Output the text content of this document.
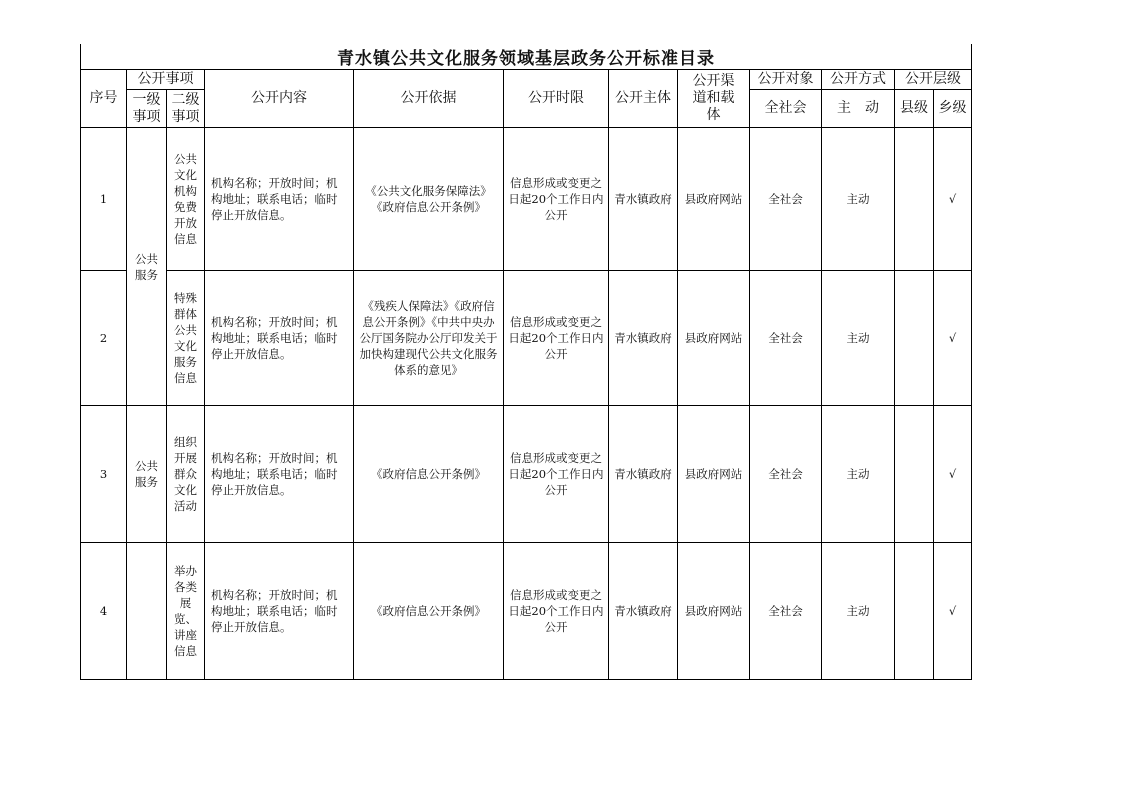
青水镇公共文化服务领域基层政务公开标准目录											
序号	公开事项		公开内容	公开依据	公开时限	公开主体	公开渠道和载体	公开对象	公开方式	公开层级	
	一级事项	二级事项						全社会	主　动	县级	乡级
1	公共服务	公共文化机构免费开放信息	机构名称；开放时间；机构地址；联系电话；临时停止开放信息。	《公共文化服务保障法》《政府信息公开条例》	信息形成或变更之日起20个工作日内公开	青水镇政府	县政府网站	全社会	主动		√
2		特殊群体公共文化服务信息	机构名称；开放时间；机构地址；联系电话；临时停止开放信息。	《残疾人保障法》《政府信息公开条例》《中共中央办公厅国务院办公厅印发关于加快构建现代公共文化服务体系的意见》	信息形成或变更之日起20个工作日内公开	青水镇政府	县政府网站	全社会	主动		√
3	公共服务	组织开展群众文化活动	机构名称；开放时间；机构地址；联系电话；临时停止开放信息。	《政府信息公开条例》	信息形成或变更之日起20个工作日内公开	青水镇政府	县政府网站	全社会	主动		√
4		举办各类展览、讲座信息	机构名称；开放时间；机构地址；联系电话；临时停止开放信息。	《政府信息公开条例》	信息形成或变更之日起20个工作日内公开	青水镇政府	县政府网站	全社会	主动		√
